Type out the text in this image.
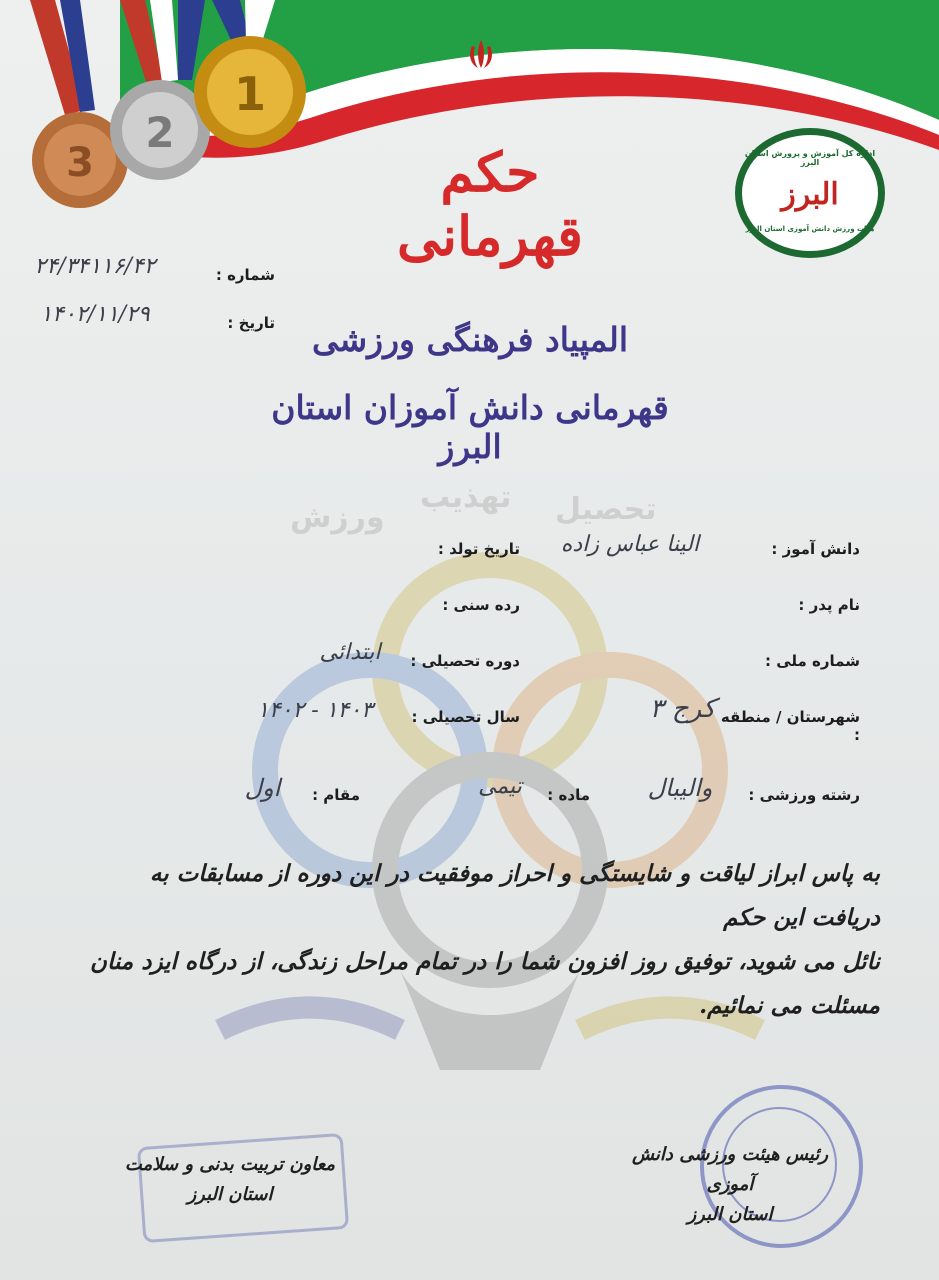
3
2
1
حکم قهرمانی
اداره کل آموزش و پرورش استان البرز
البرز
هیات ورزش دانش آموزی استان البرز
شماره :
۲۴/۳۴۱۱۶/۴۲
تاریخ :
۱۴۰۲/۱۱/۲۹
المپیاد فرهنگی ورزشی
قهرمانی دانش آموزان استان البرز
ورزش
تهذیب تحصیل
دانش آموز :
الینا عباس زاده
تاریخ تولد :
نام پدر :
رده سنی :
شماره ملی :
دوره تحصیلی :
ابتدائی
شهرستان / منطقه :
کرج ۳
سال تحصیلی :
۱۴۰۳ - ۱۴۰۲
رشته ورزشی :
والیبال
ماده :
تیمی
مقام :
اول
به پاس ابراز لیاقت و شایستگی و احراز موفقیت در این دوره از مسابقات به دریافت این حکم
نائل می شوید، توفیق روز افزون شما را در تمام مراحل زندگی، از درگاه ایزد منان مسئلت می نمائیم.
معاون تربیت بدنی و سلامت
استان البرز
رئیس هیئت ورزشی دانش آموزی
استان البرز
